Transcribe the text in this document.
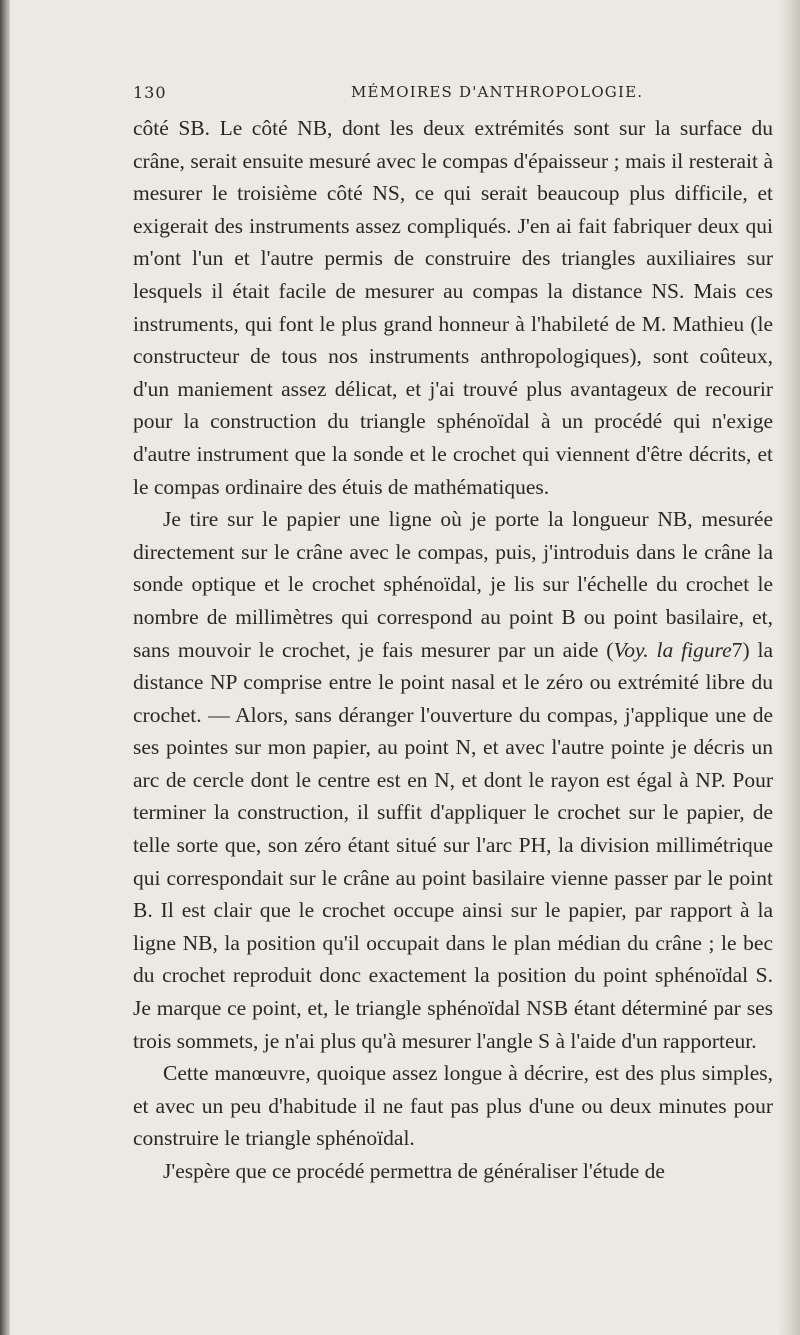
130	MÉMOIRES D'ANTHROPOLOGIE.

côté SB. Le côté NB, dont les deux extrémités sont sur la surface du crâne, serait ensuite mesuré avec le compas d'épaisseur ; mais il resterait à mesurer le troisième côté NS, ce qui serait beaucoup plus difficile, et exigerait des instruments assez compliqués. J'en ai fait fabriquer deux qui m'ont l'un et l'autre permis de construire des triangles auxiliaires sur lesquels il était facile de mesurer au compas la distance NS. Mais ces instruments, qui font le plus grand honneur à l'habileté de M. Mathieu (le constructeur de tous nos instruments anthropologiques), sont coûteux, d'un maniement assez délicat, et j'ai trouvé plus avantageux de recourir pour la construction du triangle sphénoïdal à un procédé qui n'exige d'autre instrument que la sonde et le crochet qui viennent d'être décrits, et le compas ordinaire des étuis de mathématiques.

Je tire sur le papier une ligne où je porte la longueur NB, mesurée directement sur le crâne avec le compas, puis, j'introduis dans le crâne la sonde optique et le crochet sphénoïdal, je lis sur l'échelle du crochet le nombre de millimètres qui correspond au point B ou point basilaire, et, sans mouvoir le crochet, je fais mesurer par un aide (Voy. la figure7) la distance NP comprise entre le point nasal et le zéro ou extrémité libre du crochet. — Alors, sans déranger l'ouverture du compas, j'applique une de ses pointes sur mon papier, au point N, et avec l'autre pointe je décris un arc de cercle dont le centre est en N, et dont le rayon est égal à NP. Pour terminer la construction, il suffit d'appliquer le crochet sur le papier, de telle sorte que, son zéro étant situé sur l'arc PH, la division millimétrique qui correspondait sur le crâne au point basilaire vienne passer par le point B. Il est clair que le crochet occupe ainsi sur le papier, par rapport à la ligne NB, la position qu'il occupait dans le plan médian du crâne ; le bec du crochet reproduit donc exactement la position du point sphénoïdal S. Je marque ce point, et, le triangle sphénoïdal NSB étant déterminé par ses trois sommets, je n'ai plus qu'à mesurer l'angle S à l'aide d'un rapporteur.

Cette manœuvre, quoique assez longue à décrire, est des plus simples, et avec un peu d'habitude il ne faut pas plus d'une ou deux minutes pour construire le triangle sphénoïdal.

J'espère que ce procédé permettra de généraliser l'étude de
